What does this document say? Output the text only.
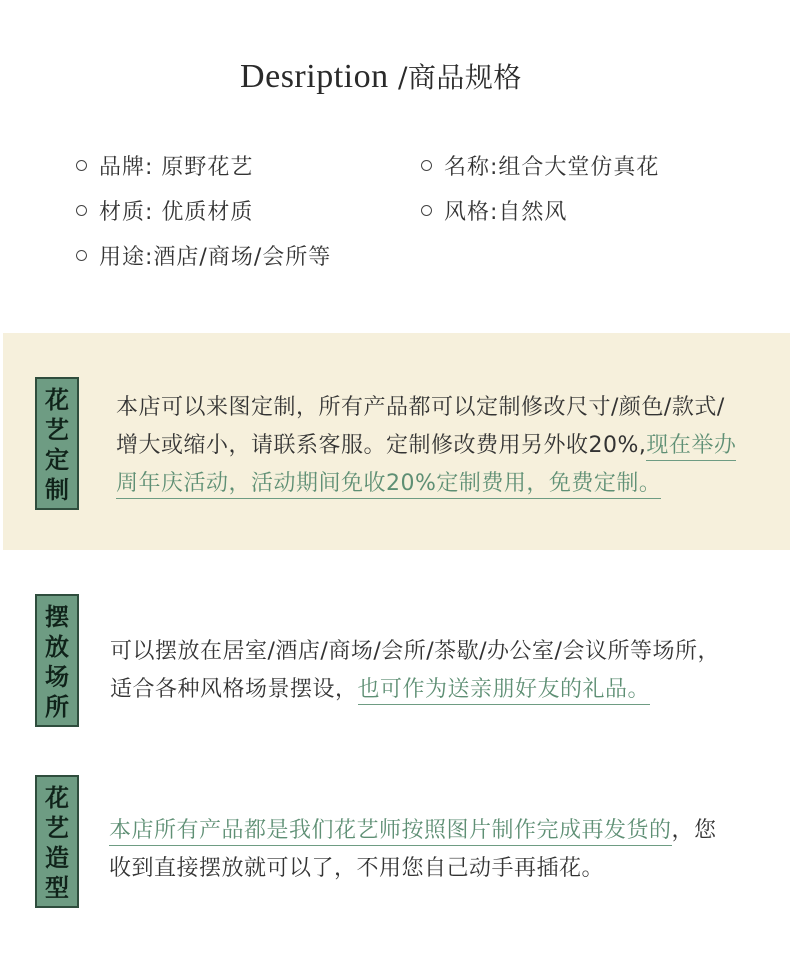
Desription /商品规格
品牌: 原野花艺	名称:组合大堂仿真花
材质: 优质材质	风格:自然风
用途:酒店/商场/会所等
花
艺
定
制
本店可以来图定制，所有产品都可以定制修改尺寸/颜色/款式/
增大或缩小，请联系客服。定制修改费用另外收20%,现在举办
周年庆活动，活动期间免收20%定制费用，免费定制。
摆
放
场
所
可以摆放在居室/酒店/商场/会所/茶歇/办公室/会议所等场所，
适合各种风格场景摆设，也可作为送亲朋好友的礼品。
花
艺
造
型
本店所有产品都是我们花艺师按照图片制作完成再发货的，您
收到直接摆放就可以了，不用您自己动手再插花。
